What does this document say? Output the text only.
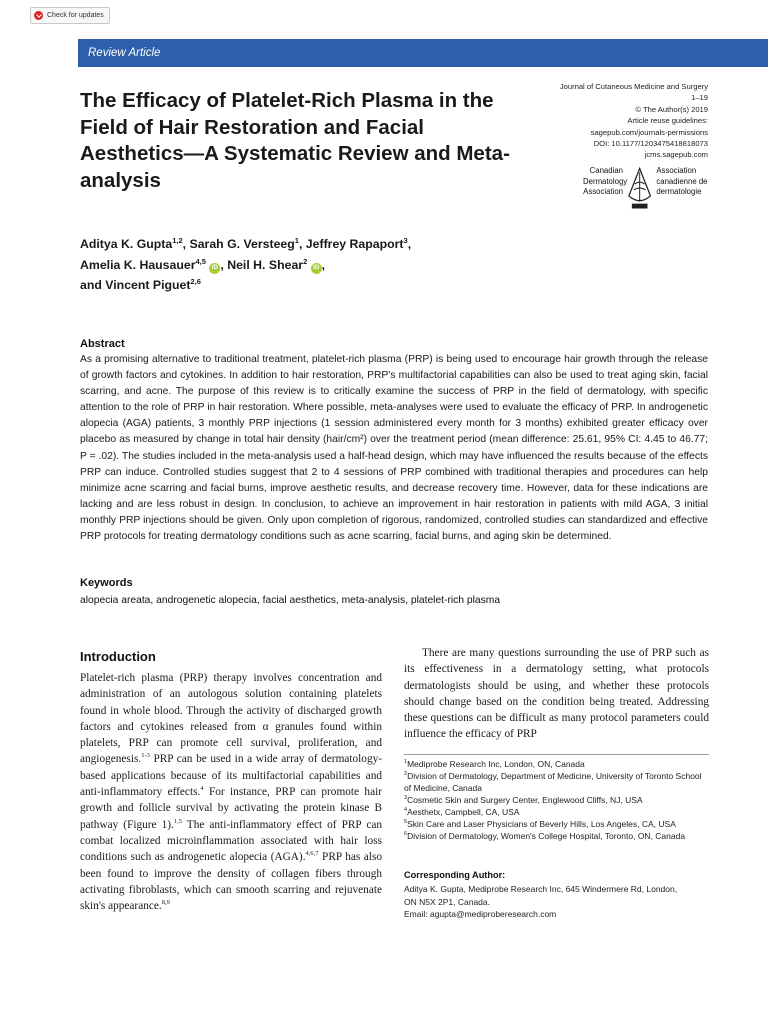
Check for updates
Review Article
The Efficacy of Platelet-Rich Plasma in the Field of Hair Restoration and Facial Aesthetics—A Systematic Review and Meta-analysis
Journal of Cutaneous Medicine and Surgery
1–19
© The Author(s) 2019
Article reuse guidelines:
sagepub.com/journals-permissions
DOI: 10.1177/1203475418818073
jcms.sagepub.com
Canadian
Dermatology
Association
Association
canadienne de
dermatologie
Aditya K. Gupta$^{1,2}$, Sarah G. Versteeg$^1$, Jeffrey Rapaport$^3$,
Amelia K. Hausauer$^{4,5}$ iD , Neil H. Shear$^2$ iD ,
and Vincent Piguet$^{2,6}$
Abstract

As a promising alternative to traditional treatment, platelet-rich plasma (PRP) is being used to encourage hair growth through the release of growth factors and cytokines. In addition to hair restoration, PRP's multifactorial capabilities can also be used to treat aging skin, facial scarring, and acne. The purpose of this review is to critically examine the success of PRP in the field of dermatology, with specific attention to the role of PRP in hair restoration. Where possible, meta-analyses were used to evaluate the efficacy of PRP. In androgenetic alopecia (AGA) patients, 3 monthly PRP injections (1 session administered every month for 3 months) exhibited greater efficacy over placebo as measured by change in total hair density (hair/cm²) over the treatment period (mean difference: 25.61, 95% CI: 4.45 to 46.77; P = .02). The studies included in the meta-analysis used a half-head design, which may have influenced the results because of the effects PRP can induce. Controlled studies suggest that 2 to 4 sessions of PRP combined with traditional therapies and procedures can help minimize acne scarring and facial burns, improve aesthetic results, and decrease recovery time. However, data for these indications are lacking and are less robust in design. In conclusion, to achieve an improvement in hair restoration in patients with mild AGA, 3 initial monthly PRP injections should be given. Only upon completion of rigorous, randomized, controlled studies can standardized and effective PRP protocols for treating dermatology conditions such as acne scarring, facial burns, and aging skin be determined.

Keywords

alopecia areata, androgenetic alopecia, facial aesthetics, meta-analysis, platelet-rich plasma

Introduction

Platelet-rich plasma (PRP) therapy involves concentration and administration of an autologous solution containing platelets found in whole blood. Through the activity of discharged growth factors and cytokines released from α granules found within platelets, PRP can promote cell survival, proliferation, and angiogenesis.$^{1-3}$ PRP can be used in a wide array of dermatology-based applications because of its multifactorial capabilities and anti-inflammatory effects.$^4$ For instance, PRP can promote hair growth and follicle survival by activating the protein kinase B pathway (Figure 1).$^{1,5}$ The anti-inflammatory effect of PRP can combat localized microinflammation associated with hair loss conditions such as androgenetic alopecia (AGA).$^{4,6,7}$ PRP has also been found to improve the density of collagen fibers through activating fibroblasts, which can smooth scarring and rejuvenate skin's appearance.$^{8,9}$

There are many questions surrounding the use of PRP such as its effectiveness in a dermatology setting, what protocols dermatologists should be using, and whether these protocols should change based on the condition being treated. Addressing these questions can be difficult as many protocol parameters could influence the efficacy of PRP

$^1$Mediprobe Research Inc, London, ON, Canada
$^2$Division of Dermatology, Department of Medicine, University of Toronto School of Medicine, Canada
$^3$Cosmetic Skin and Surgery Center, Englewood Cliffs, NJ, USA
$^4$Aesthetx, Campbell, CA, USA
$^5$Skin Care and Laser Physicians of Beverly Hills, Los Angeles, CA, USA
$^6$Division of Dermatology, Women's College Hospital, Toronto, ON, Canada
Corresponding Author:
Aditya K. Gupta, Mediprobe Research Inc, 645 Windermere Rd, London,
ON N5X 2P1, Canada.
Email: agupta@mediproberesearch.com
